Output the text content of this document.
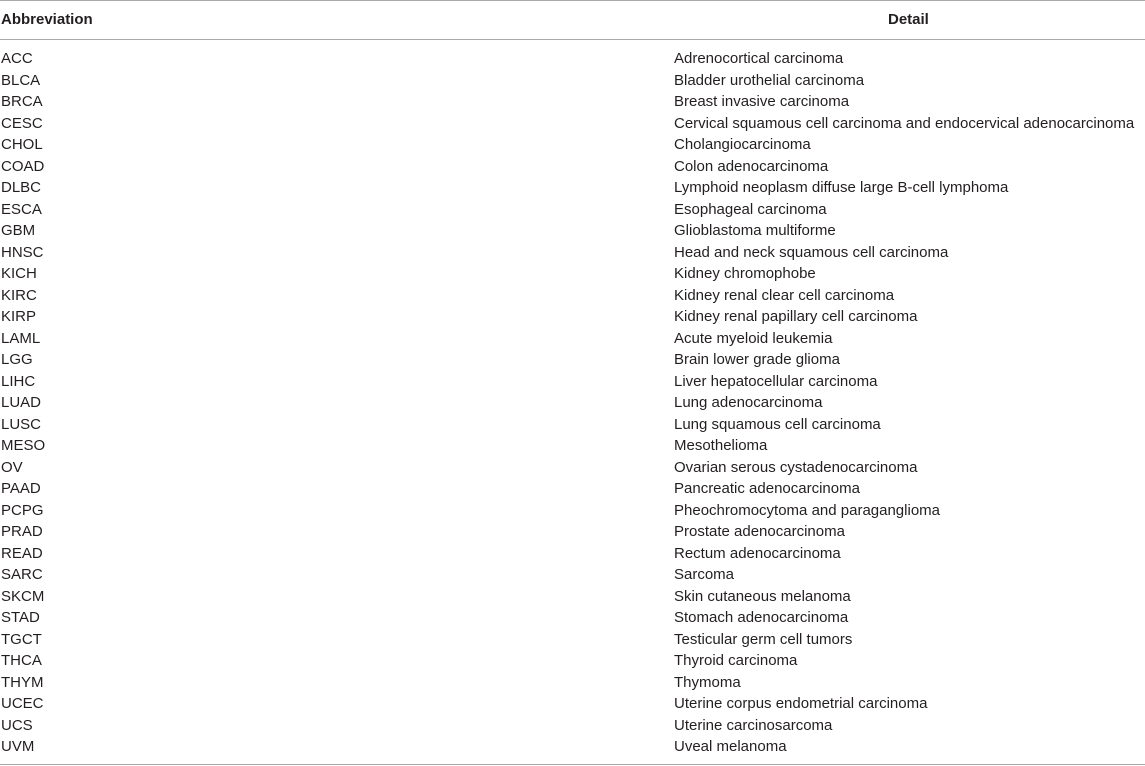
Abbreviation	Detail
ACC	Adrenocortical carcinoma
BLCA	Bladder urothelial carcinoma
BRCA	Breast invasive carcinoma
CESC	Cervical squamous cell carcinoma and endocervical adenocarcinoma
CHOL	Cholangiocarcinoma
COAD	Colon adenocarcinoma
DLBC	Lymphoid neoplasm diffuse large B-cell lymphoma
ESCA	Esophageal carcinoma
GBM	Glioblastoma multiforme
HNSC	Head and neck squamous cell carcinoma
KICH	Kidney chromophobe
KIRC	Kidney renal clear cell carcinoma
KIRP	Kidney renal papillary cell carcinoma
LAML	Acute myeloid leukemia
LGG	Brain lower grade glioma
LIHC	Liver hepatocellular carcinoma
LUAD	Lung adenocarcinoma
LUSC	Lung squamous cell carcinoma
MESO	Mesothelioma
OV	Ovarian serous cystadenocarcinoma
PAAD	Pancreatic adenocarcinoma
PCPG	Pheochromocytoma and paraganglioma
PRAD	Prostate adenocarcinoma
READ	Rectum adenocarcinoma
SARC	Sarcoma
SKCM	Skin cutaneous melanoma
STAD	Stomach adenocarcinoma
TGCT	Testicular germ cell tumors
THCA	Thyroid carcinoma
THYM	Thymoma
UCEC	Uterine corpus endometrial carcinoma
UCS	Uterine carcinosarcoma
UVM	Uveal melanoma
